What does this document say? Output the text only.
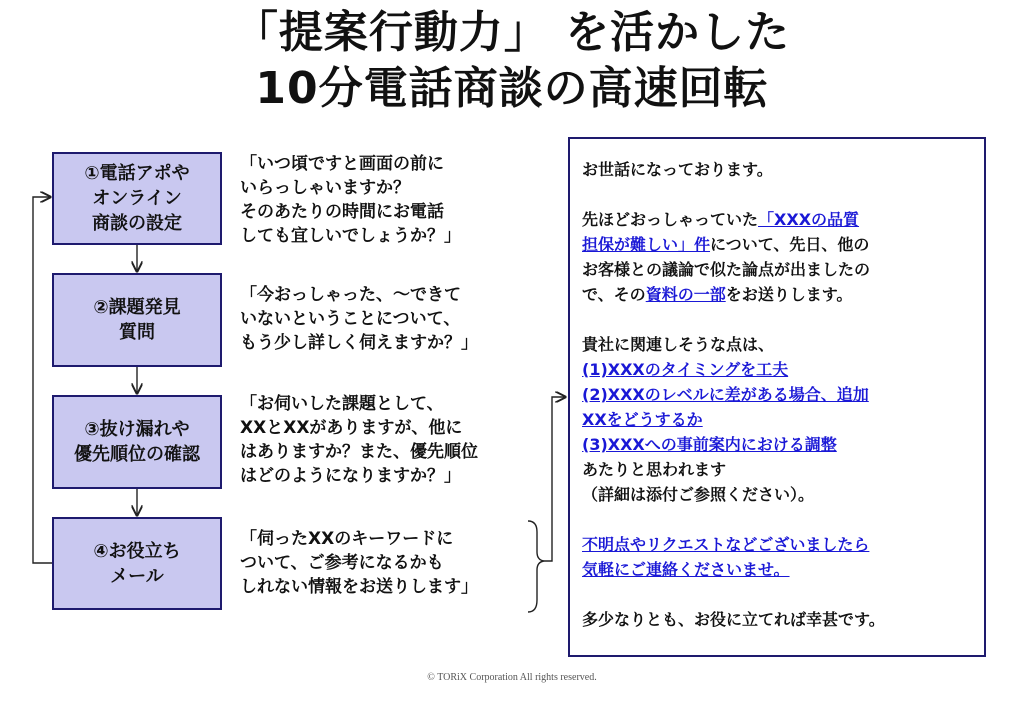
「提案行動力」 を活かした
10分電話商談の高速回転
①電話アポや
オンライン
商談の設定
②課題発見
質問
③抜け漏れや
優先順位の確認
④お役立ち
メール
「いつ頃ですと画面の前に
いらっしゃいますか？
そのあたりの時間にお電話
しても宜しいでしょうか？」
「今おっしゃった、〜できて
いないということについて、
もう少し詳しく伺えますか？」
「お伺いした課題として、
XXとXXがありますが、他に
はありますか？また、優先順位
はどのようになりますか？」
「伺ったXXのキーワードに
ついて、ご参考になるかも
しれない情報をお送りします」
お世話になっております。
先ほどおっしゃっていた「XXXの品質
担保が難しい」件について、先日、他の
お客様との議論で似た論点が出ましたの
で、その資料の一部をお送りします。
貴社に関連しそうな点は、
(1)XXXのタイミングを工夫
(2)XXXのレベルに差がある場合、追加
XXをどうするか
(3)XXXへの事前案内における調整
あたりと思われます
（詳細は添付ご参照ください）。
不明点やリクエストなどございましたら
気軽にご連絡くださいませ。
多少なりとも、お役に立てれば幸甚です。
© TORiX Corporation All rights reserved.
